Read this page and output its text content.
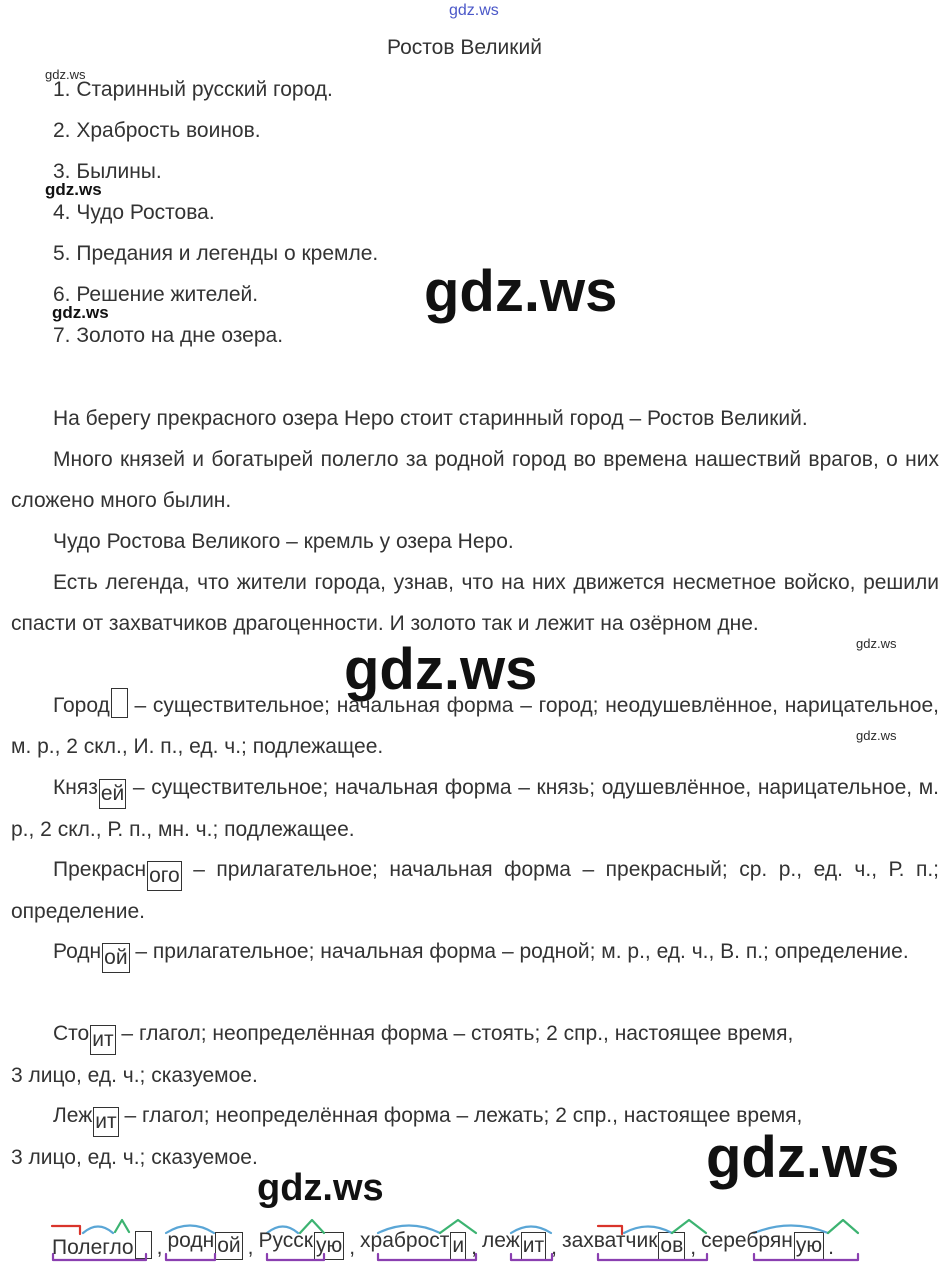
gdz.ws
gdz.ws
gdz.ws
gdz.ws	gdz.ws
gdz.ws	gdz.ws
gdz.ws
gdz.ws
gdz.ws
Ростов Великий
1. Старинный русский город.
2. Храбрость воинов.
3. Былины.
4. Чудо Ростова.
5. Предания и легенды о кремле.
6. Решение жителей.
7. Золото на дне озера.
На берегу прекрасного озера Неро стоит старинный город – Ростов Великий.
Много князей и богатырей полегло за родной город во времена нашествий врагов, о них сложено много былин.
Чудо Ростова Великого – кремль у озера Неро.
Есть легенда, что жители города, узнав, что на них движется несметное войско, решили спасти от захватчиков драгоценности. И золото так и лежит на озёрном дне.
Город – существительное; начальная форма – город; неодушевлённое, нарицательное, м. р., 2 скл., И. п., ед. ч.; подлежащее.
Княз ей – существительное; начальная форма – князь; одушевлённое, нарицательное, м. р., 2 скл., Р. п., мн. ч.; подлежащее.
Прекрасн ого – прилагательное; начальная форма – прекрасный; ср. р., ед. ч., Р. п.; определение.
Родн ой – прилагательное; начальная форма – родной; м. р., ед. ч., В. п.; определение.
Сто ит – глагол; неопределённая форма – стоять; 2 спр., настоящее время,
3 лицо, ед. ч.; сказуемое.
Леж ит – глагол; неопределённая форма – лежать; 2 спр., настоящее время,
3 лицо, ед. ч.; сказуемое.
Полегло	, родн ой , Русск ую , храброст и , леж ит , захватчик ов , серебрян ую .
